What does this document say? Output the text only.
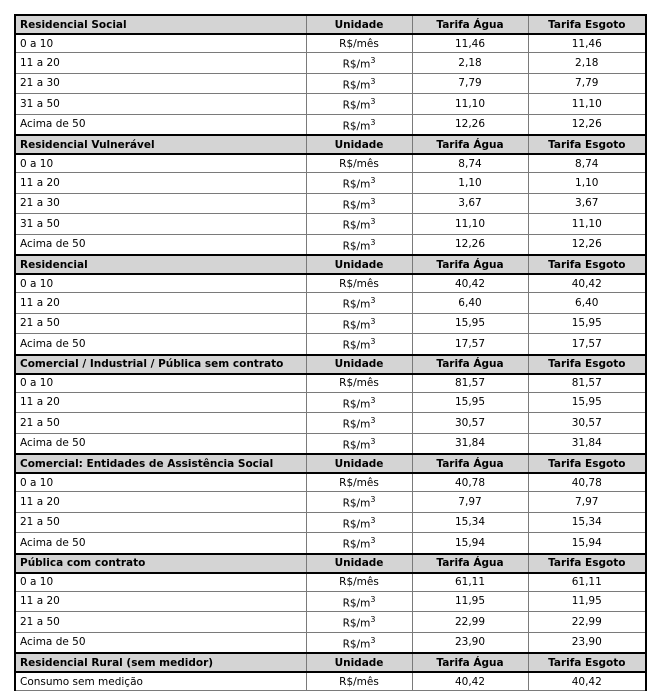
Residencial Social	Unidade	Tarifa Água	Tarifa Esgoto
0 a 10	R$/mês	11,46	11,46
11 a 20	$R\$/m^3$	2,18	2,18
21 a 30	$R\$/m^3$	7,79	7,79
31 a 50	$R\$/m^3$	11,10	11,10
Acima de 50	$R\$/m^3$	12,26	12,26
Residencial Vulnerável	Unidade	Tarifa Água	Tarifa Esgoto
0 a 10	R$/mês	8,74	8,74
11 a 20	$R\$/m^3$	1,10	1,10
21 a 30	$R\$/m^3$	3,67	3,67
31 a 50	$R\$/m^3$	11,10	11,10
Acima de 50	$R\$/m^3$	12,26	12,26
Residencial	Unidade	Tarifa Água	Tarifa Esgoto
0 a 10	R$/mês	40,42	40,42
11 a 20	$R\$/m^3$	6,40	6,40
21 a 50	$R\$/m^3$	15,95	15,95
Acima de 50	$R\$/m^3$	17,57	17,57
Comercial / Industrial / Pública sem contrato	Unidade	Tarifa Água	Tarifa Esgoto
0 a 10	R$/mês	81,57	81,57
11 a 20	$R\$/m^3$	15,95	15,95
21 a 50	$R\$/m^3$	30,57	30,57
Acima de 50	$R\$/m^3$	31,84	31,84
Comercial: Entidades de Assistência Social	Unidade	Tarifa Água	Tarifa Esgoto
0 a 10	R$/mês	40,78	40,78
11 a 20	$R\$/m^3$	7,97	7,97
21 a 50	$R\$/m^3$	15,34	15,34
Acima de 50	$R\$/m^3$	15,94	15,94
Pública com contrato	Unidade	Tarifa Água	Tarifa Esgoto
0 a 10	R$/mês	61,11	61,11
11 a 20	$R\$/m^3$	11,95	11,95
21 a 50	$R\$/m^3$	22,99	22,99
Acima de 50	$R\$/m^3$	23,90	23,90
Residencial Rural (sem medidor)	Unidade	Tarifa Água	Tarifa Esgoto
Consumo sem medição	R$/mês	40,42	40,42
